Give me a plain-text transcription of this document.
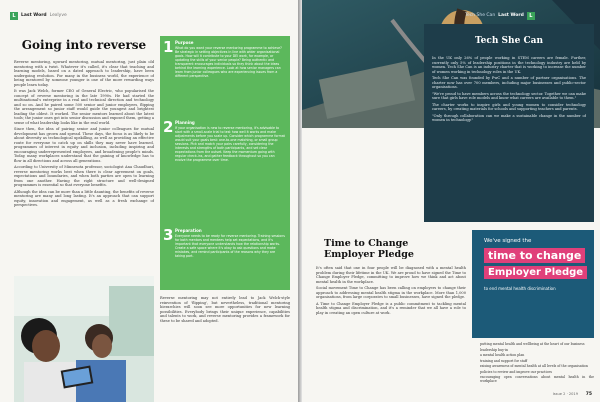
L	Last Word Lexlyve
Going into reverse

Reverse mentoring, upward mentoring, mutual mentoring, just plain old mentoring with a twist. Whatever it's called, it's clear that teaching and learning models, based on a dated approach to leadership, have been undergoing evolution. For many in the business world, the experience of being mentored by someone younger is one of the more rewarding ways people learn today.

It was Jack Welch, former CEO of General Electric, who popularised the concept of reverse mentoring in the late 1990s. He had started the multinational's enterprise in a real and technical direction and technology and so on. And he paired some 500 senior and junior employees, flipping the arrangement so junior staff would guide the youngest and brightest leading the oldest. It worked. The senior mentors learned about the latest tools; the junior ones got into senior discussion and exposed them, getting a sense of what leadership looks like in the real world.

Since then, the idea of pairing senior and junior colleagues for mutual development has grown and spread. These days, the focus is as likely to be about diversity as technological upskilling, as well as providing an effective route for everyone to catch up on skills they may never have learned, programmes of interest in equity and inclusion, including inspiring and encouraging underrepresented employees, and broadening people's minds. Today, many workplaces understand that the gaining of knowledge has to flow in all directions and across all generations.

According to University of Minnesota professor, sociologist Ana Chaudhuri, reverse mentoring works best when there is clear agreement on goals, expectations and boundaries, and when both parties are open to learning from one another. Having the right structure and well-designed programmes is essential so that everyone benefits.

Although the idea can be more than a little daunting, the benefits of reverse mentoring are many and long lasting. It's an approach that can support equity, innovation and engagement, as well as a fresh exchange of perspectives.

1 Purpose
What do you want your reverse mentoring programme to achieve? Be strategic in setting objectives in line with wider organisational goals. How will it contribute to your DEI work, for example, or updating the skills of your senior people? Being authentic and transparent encourages individuals so they think about the ideas behind the learning experience. Look at how senior managers can learn from junior colleagues who are experiencing issues from a different perspective.
2 Planning
If your organisation is new to reverse mentoring, it's advisable to start with a small-scale trial to test how well it works and make adjustments before you scale up. Consider which programme format would suit your goals best: one-to-one matching, or small group sessions. Pick and match your pairs carefully, considering the interests and strengths of both participants, and set clear expectations from the outset. Keep the momentum going with regular check-ins, and gather feedback throughout so you can evolve the programme over time.
3 Preparation
Everyone needs to be ready for reverse mentoring. Training sessions for both mentors and mentees help set expectations, and it's important that everyone understands how the relationship works. Create a safe space where it's okay to ask questions and make mistakes, and remind participants of the reasons why they are taking part.

Reverse mentoring may not entirely lead to Jack Welch-style reinvention of 'flipping', but nevertheless, traditional mentoring hierarchies will soon see more opportunities for new learning possibilities. Everybody brings their unique experience, capabilities and talents to work, and reverse mentoring provides a framework for these to be shared and adopted.

Tech She Can Last Word	L
Tech She Can

In the UK only 26% of people working in STEM careers are female. Further, currently only 5% of leadership positions in the technology industry are held by women. Tech She Can is an industry charter that is working to increase the number of women working in technology roles in the UK.

Tech She Can was founded by PwC and a number of partner organisations. The charter now has over 700 members, including major businesses and public-sector organisations.

"We're proud to have members across the technology sector. Together we can make sure that girls have role models and know what careers are available to them."

The charter works to inspire girls and young women to consider technology careers, by creating materials for schools and supporting teachers and parents.

"Only through collaboration can we make a sustainable change in the number of women in technology."

Time to Change
Employer Pledge

It's often said that one in four people will be diagnosed with a mental health problem during their lifetime in the UK. We are proud to have signed the Time to Change Employer Pledge, committing to improve how we think and act about mental health in the workplace.

Social movement Time to Change has been calling on employers to change their approach to addressing mental health stigma in the workplace. More than 1,000 organisations, from large corporates to small businesses, have signed the pledge.

A Time to Change Employer Pledge is a public commitment to tackling mental health stigma and discrimination, and it's a reminder that we all have a role to play in creating an open culture at work.

We've signed the
time to change
Employer Pledge
to end mental health discrimination
• putting mental health and wellbeing at the heart of our business
• leadership buy-in
• a mental health action plan
• training and support for staff
• raising awareness of mental health at all levels of the organisation
• policies to review and improve our practices
• encouraging open conversations about mental health in the workplace
Issue 2 · 2019 75
